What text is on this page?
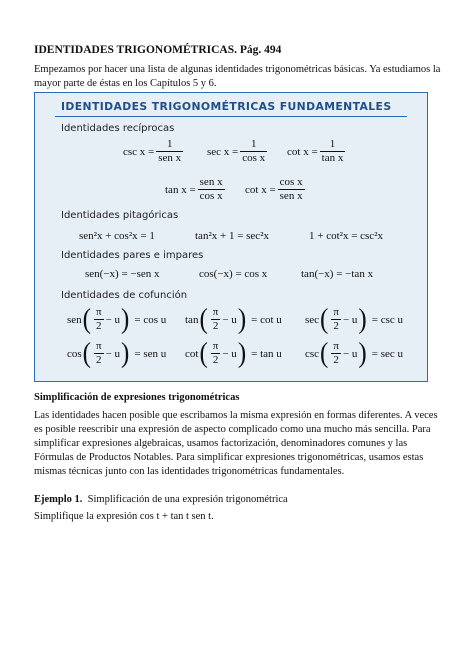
IDENTIDADES TRIGONOMÉTRICAS. Pág. 494
Empezamos por hacer una lista de algunas identidades trigonométricas básicas. Ya estudiamos la mayor parte de éstas en los Capítulos 5 y 6.
IDENTIDADES TRIGONOMÉTRICAS FUNDAMENTALES
Identidades recíprocas
$\csc x = \frac{1}{\text{sen x}}$ $\sec x = \frac{1}{\text{cos x}}$ $\cot x = \frac{1}{\text{tan x}}$
$\tan x = \frac{\text{sen x}}{\text{cos x}}$ $\cot x = \frac{\text{cos x}}{\text{sen x}}$
Identidades pitagóricas
sen²x + cos²x = 1	tan²x + 1 = sec²x	1 + cot²x = csc²x
Identidades pares e impares
sen(−x) = −sen x	cos(−x) = cos x	tan(−x) = −tan x
Identidades de cofunción
sen ( $\frac{\pi}{2} - u$ ) = cos u tan ( $\frac{\pi}{2} - u$ ) = cot u sec ( $\frac{\pi}{2} - u$ ) = csc u
cos ( $\frac{\pi}{2} - u$ ) = sen u cot ( $\frac{\pi}{2} - u$ ) = tan u csc ( $\frac{\pi}{2} - u$ ) = sec u
Simplificación de expresiones trigonométricas
Las identidades hacen posible que escribamos la misma expresión en formas diferentes. A veces es posible reescribir una expresión de aspecto complicado como una mucho más sencilla. Para simplificar expresiones algebraicas, usamos factorización, denominadores comunes y las Fórmulas de Productos Notables. Para simplificar expresiones trigonométricas, usamos estas mismas técnicas junto con las identidades trigonométricas fundamentales.
Ejemplo 1. Simplificación de una expresión trigonométrica
Simplifique la expresión cos t + tan t sen t.
